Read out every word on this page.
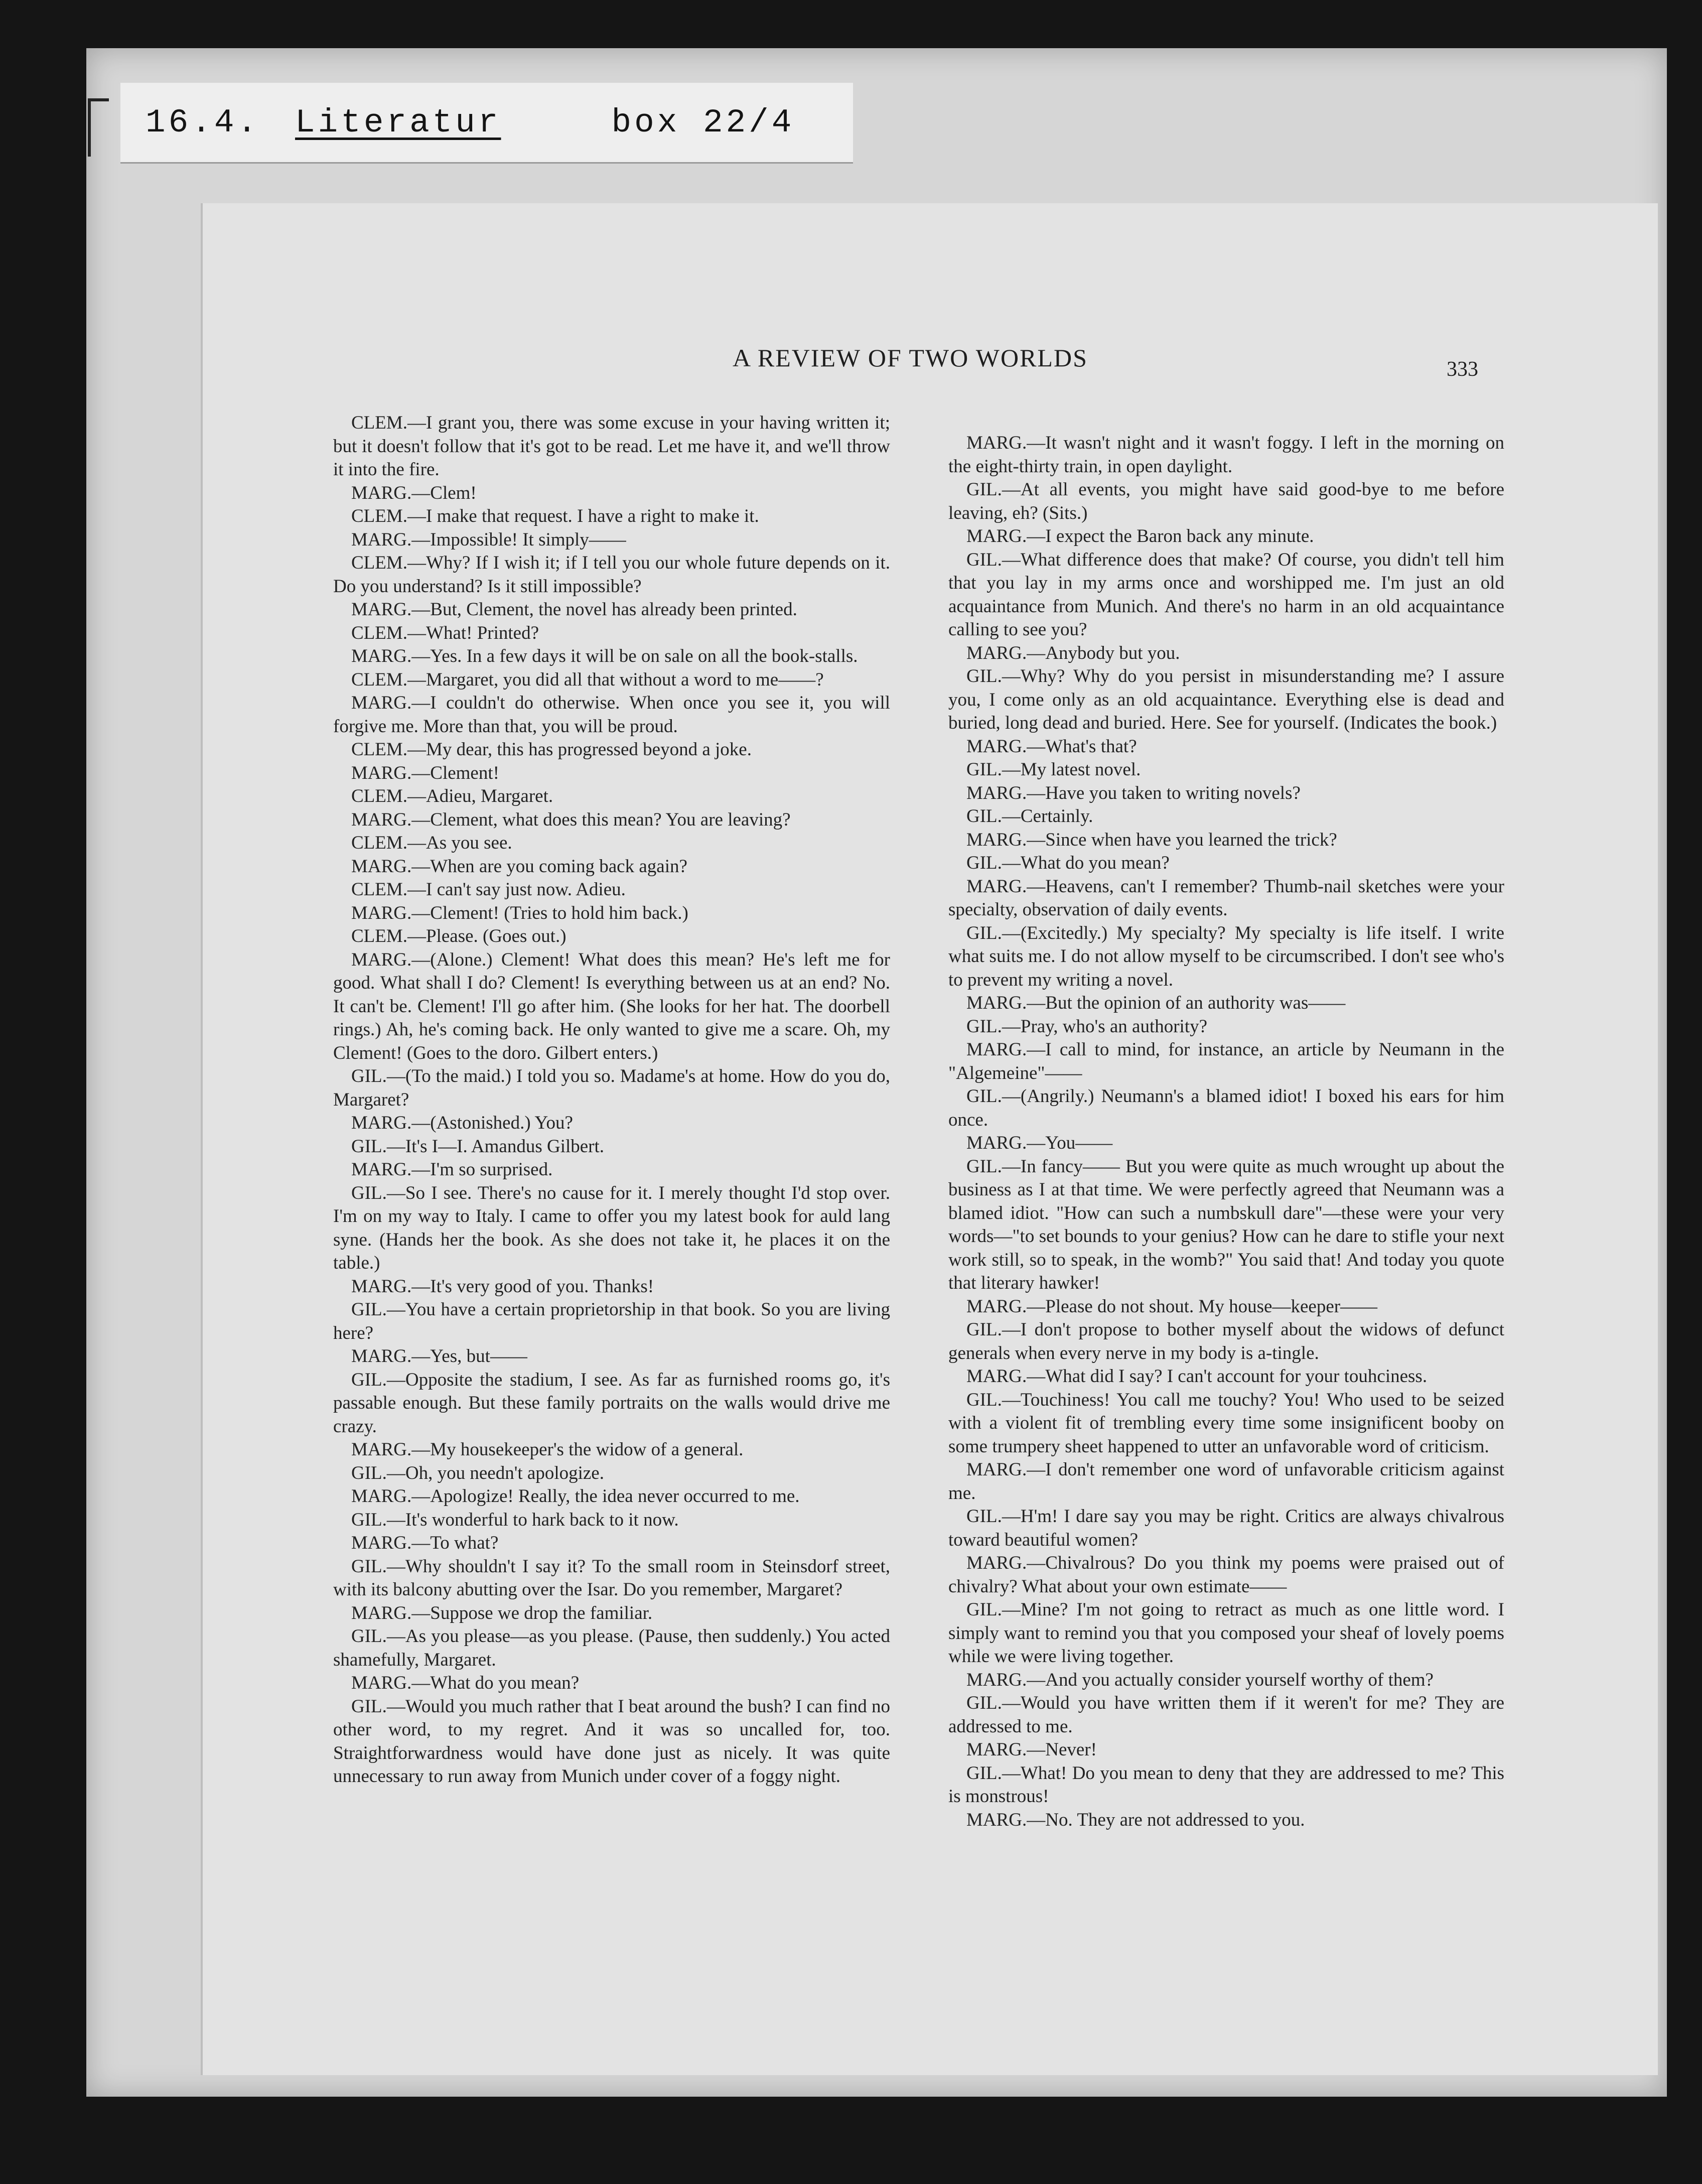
16.4. Literatur	box 22/4
A REVIEW OF TWO WORLDS	333

CLEM.—I grant you, there was some excuse in your having written it; but it doesn't follow that it's got to be read. Let me have it, and we'll throw it into the fire.

MARG.—Clem!

CLEM.—I make that request. I have a right to make it.

MARG.—Impossible! It simply——

CLEM.—Why? If I wish it; if I tell you our whole future depends on it. Do you understand? Is it still impossible?

MARG.—But, Clement, the novel has already been printed.

CLEM.—What! Printed?

MARG.—Yes. In a few days it will be on sale on all the book-stalls.

CLEM.—Margaret, you did all that without a word to me——?

MARG.—I couldn't do otherwise. When once you see it, you will forgive me. More than that, you will be proud.

CLEM.—My dear, this has progressed beyond a joke.

MARG.—Clement!

CLEM.—Adieu, Margaret.

MARG.—Clement, what does this mean? You are leaving?

CLEM.—As you see.

MARG.—When are you coming back again?

CLEM.—I can't say just now. Adieu.

MARG.—Clement! (Tries to hold him back.)

CLEM.—Please. (Goes out.)

MARG.—(Alone.) Clement! What does this mean? He's left me for good. What shall I do? Clement! Is everything between us at an end? No. It can't be. Clement! I'll go after him. (She looks for her hat. The doorbell rings.) Ah, he's coming back. He only wanted to give me a scare. Oh, my Clement! (Goes to the doro. Gilbert enters.)

GIL.—(To the maid.) I told you so. Madame's at home. How do you do, Margaret?

MARG.—(Astonished.) You?

GIL.—It's I—I. Amandus Gilbert.

MARG.—I'm so surprised.

GIL.—So I see. There's no cause for it. I merely thought I'd stop over. I'm on my way to Italy. I came to offer you my latest book for auld lang syne. (Hands her the book. As she does not take it, he places it on the table.)

MARG.—It's very good of you. Thanks!

GIL.—You have a certain proprietorship in that book. So you are living here?

MARG.—Yes, but——

GIL.—Opposite the stadium, I see. As far as furnished rooms go, it's passable enough. But these family portraits on the walls would drive me crazy.

MARG.—My housekeeper's the widow of a general.

GIL.—Oh, you needn't apologize.

MARG.—Apologize! Really, the idea never occurred to me.

GIL.—It's wonderful to hark back to it now.

MARG.—To what?

GIL.—Why shouldn't I say it? To the small room in Steinsdorf street, with its balcony abutting over the Isar. Do you remember, Margaret?

MARG.—Suppose we drop the familiar.

GIL.—As you please—as you please. (Pause, then suddenly.) You acted shamefully, Margaret.

MARG.—What do you mean?

GIL.—Would you much rather that I beat around the bush? I can find no other word, to my regret. And it was so uncalled for, too. Straightforwardness would have done just as nicely. It was quite unnecessary to run away from Munich under cover of a foggy night.

MARG.—It wasn't night and it wasn't foggy. I left in the morning on the eight-thirty train, in open daylight.

GIL.—At all events, you might have said good-bye to me before leaving, eh? (Sits.)

MARG.—I expect the Baron back any minute.

GIL.—What difference does that make? Of course, you didn't tell him that you lay in my arms once and worshipped me. I'm just an old acquaintance from Munich. And there's no harm in an old acquaintance calling to see you?

MARG.—Anybody but you.

GIL.—Why? Why do you persist in misunderstanding me? I assure you, I come only as an old acquaintance. Everything else is dead and buried, long dead and buried. Here. See for yourself. (Indicates the book.)

MARG.—What's that?

GIL.—My latest novel.

MARG.—Have you taken to writing novels?

GIL.—Certainly.

MARG.—Since when have you learned the trick?

GIL.—What do you mean?

MARG.—Heavens, can't I remember? Thumb-nail sketches were your specialty, observation of daily events.

GIL.—(Excitedly.) My specialty? My specialty is life itself. I write what suits me. I do not allow myself to be circumscribed. I don't see who's to prevent my writing a novel.

MARG.—But the opinion of an authority was——

GIL.—Pray, who's an authority?

MARG.—I call to mind, for instance, an article by Neumann in the "Algemeine"——

GIL.—(Angrily.) Neumann's a blamed idiot! I boxed his ears for him once.

MARG.—You——

GIL.—In fancy—— But you were quite as much wrought up about the business as I at that time. We were perfectly agreed that Neumann was a blamed idiot. "How can such a numbskull dare"—these were your very words—"to set bounds to your genius? How can he dare to stifle your next work still, so to speak, in the womb?" You said that! And today you quote that literary hawker!

MARG.—Please do not shout. My house—keeper——

GIL.—I don't propose to bother myself about the widows of defunct generals when every nerve in my body is a-tingle.

MARG.—What did I say? I can't account for your touhciness.

GIL.—Touchiness! You call me touchy? You! Who used to be seized with a violent fit of trembling every time some insignificent booby on some trumpery sheet happened to utter an unfavorable word of criticism.

MARG.—I don't remember one word of unfavorable criticism against me.

GIL.—H'm! I dare say you may be right. Critics are always chivalrous toward beautiful women?

MARG.—Chivalrous? Do you think my poems were praised out of chivalry? What about your own estimate——

GIL.—Mine? I'm not going to retract as much as one little word. I simply want to remind you that you composed your sheaf of lovely poems while we were living together.

MARG.—And you actually consider yourself worthy of them?

GIL.—Would you have written them if it weren't for me? They are addressed to me.

MARG.—Never!

GIL.—What! Do you mean to deny that they are addressed to me? This is monstrous!

MARG.—No. They are not addressed to you.
